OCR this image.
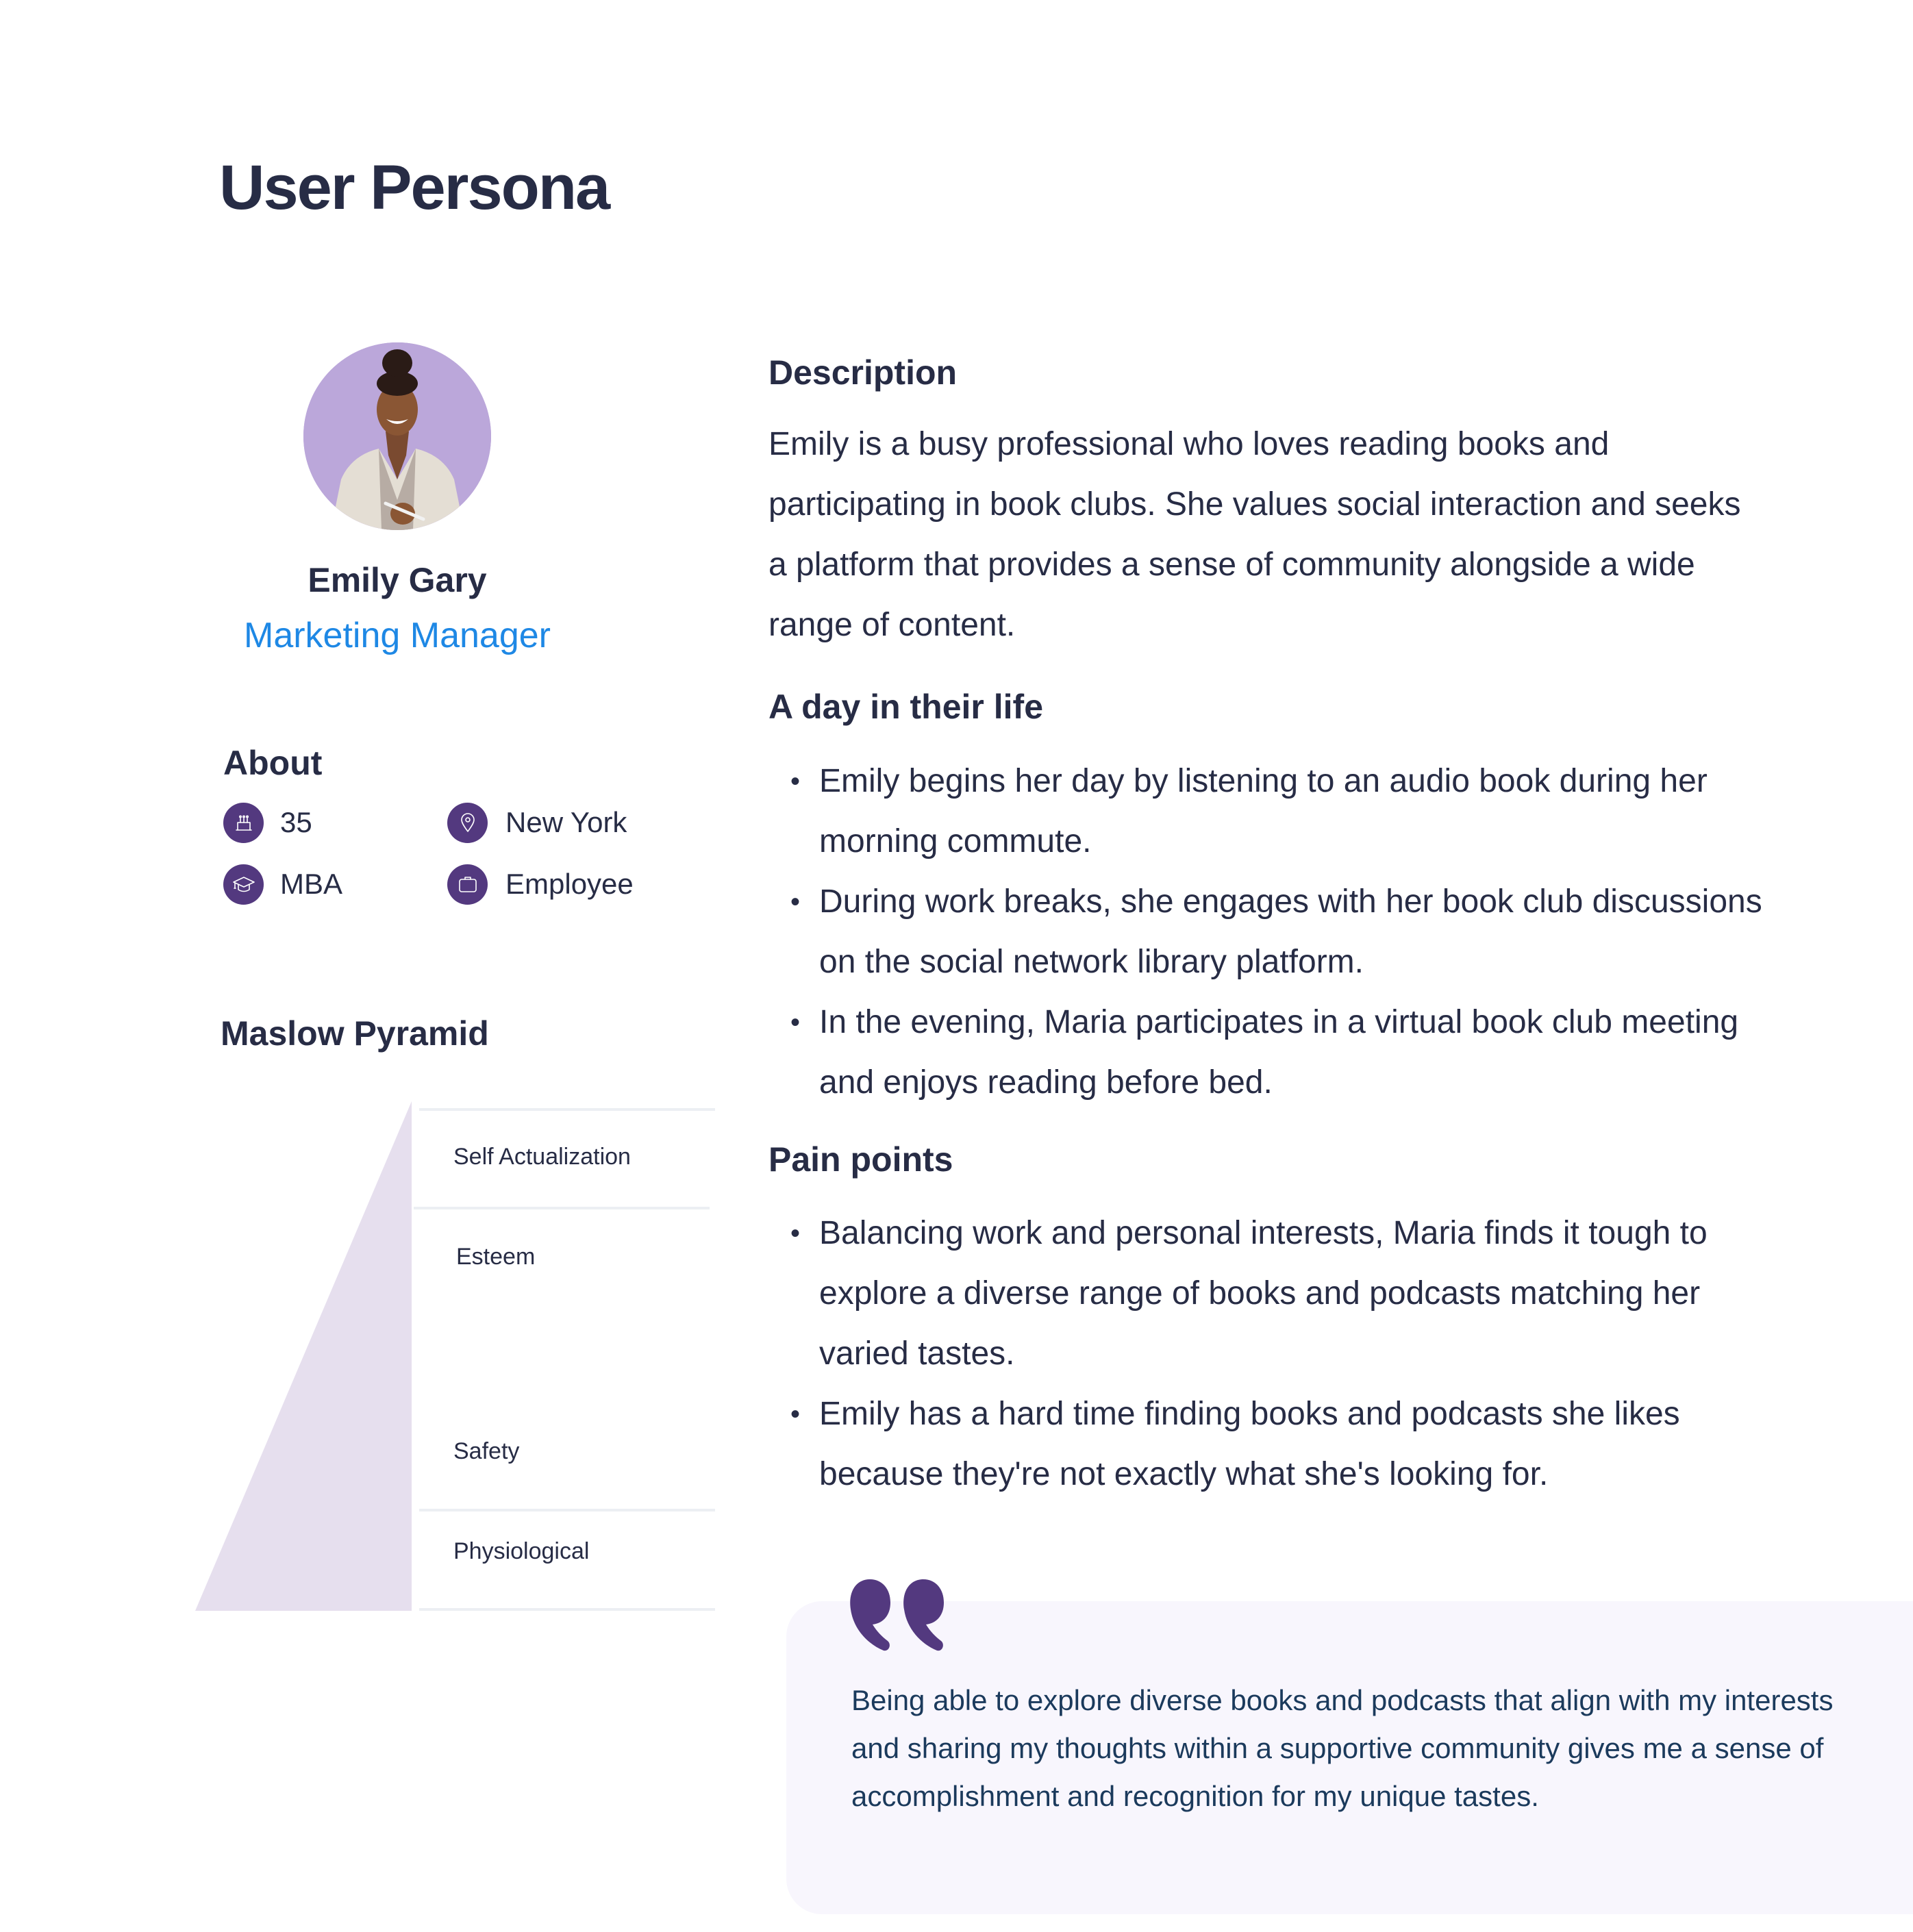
User Persona
Emily Gary
Marketing Manager
About
35	New York
MBA	Employee
Maslow Pyramid
Self Actualization
Esteem
Love Belonging
Safety
Physiological
Description
Emily is a busy professional who loves reading books and participating in book clubs. She values social interaction and seeks a platform that provides a sense of community alongside a wide range of content.
A day in their life
• Emily begins her day by listening to an audio book during her morning commute.
• During work breaks, she engages with her book club discussions on the social network library platform.
• In the evening, Maria participates in a virtual book club meeting and enjoys reading before bed.
Pain points
• Balancing work and personal interests, Maria finds it tough to explore a diverse range of books and podcasts matching her varied tastes.
• Emily has a hard time finding books and podcasts she likes because they're not exactly what she's looking for.
Being able to explore diverse books and podcasts that align with my interests and sharing my thoughts within a supportive community gives me a sense of accomplishment and recognition for my unique tastes.
